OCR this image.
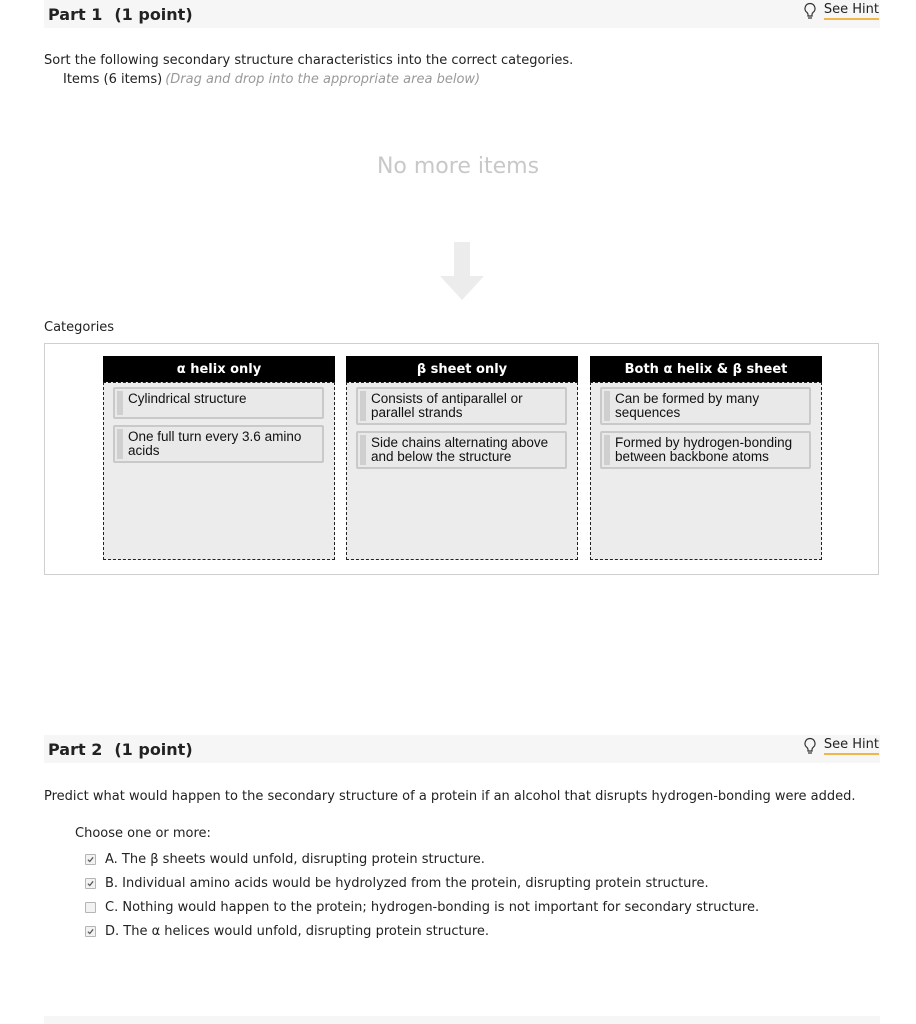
Part 1 (1 point)	See Hint
Sort the following secondary structure characteristics into the correct categories.
Items (6 items) (Drag and drop into the appropriate area below)
No more items
Categories
α helix only
Cylindrical structure
One full turn every 3.6 amino acids
β sheet only
Consists of antiparallel or parallel strands
Side chains alternating above and below the structure
Both α helix & β sheet
Can be formed by many sequences
Formed by hydrogen-bonding between backbone atoms
Part 2 (1 point)	See Hint
Predict what would happen to the secondary structure of a protein if an alcohol that disrupts hydrogen-bonding were added.
Choose one or more:
A. The β sheets would unfold, disrupting protein structure.
B. Individual amino acids would be hydrolyzed from the protein, disrupting protein structure.
C. Nothing would happen to the protein; hydrogen-bonding is not important for secondary structure.
D. The α helices would unfold, disrupting protein structure.
